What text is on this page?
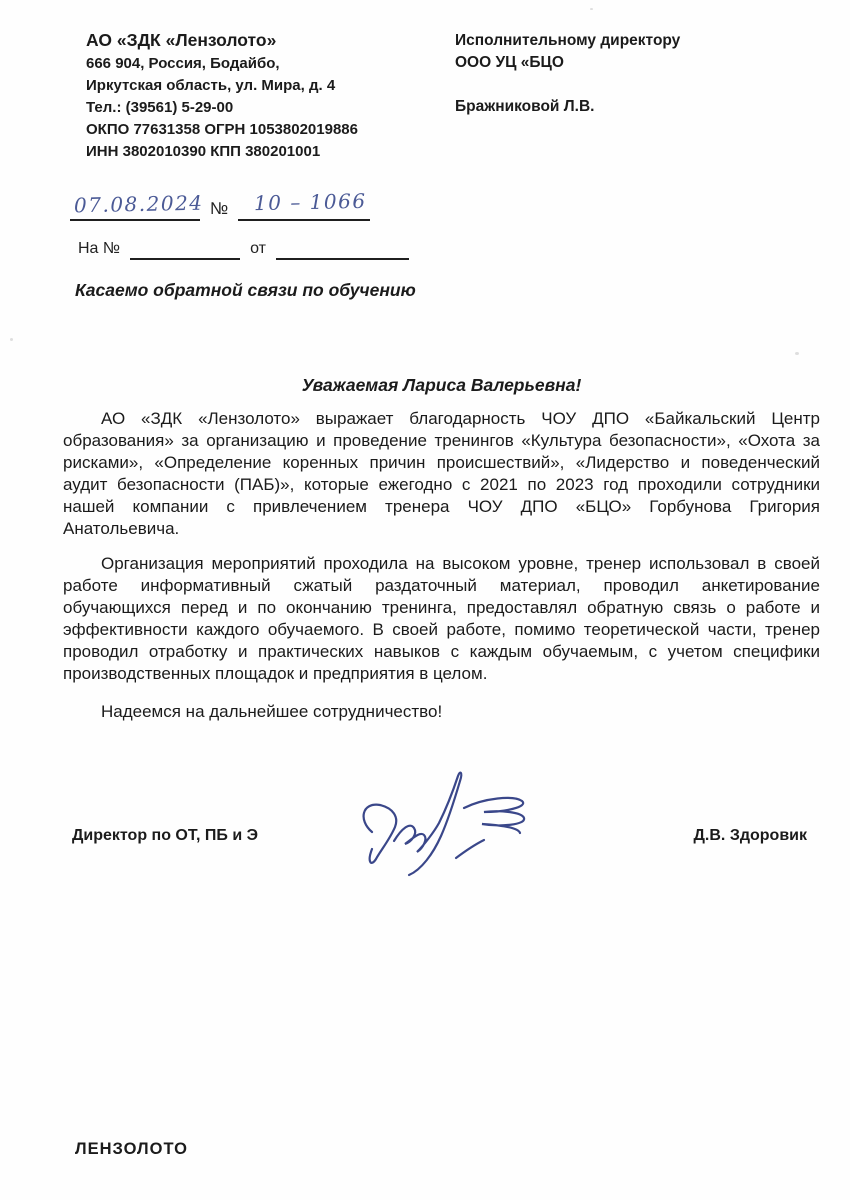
АО «ЗДК «Лензолото»
666 904, Россия, Бодайбо,
Иркутская область, ул. Мира, д. 4
Тел.: (39561) 5-29-00
ОКПО 77631358 ОГРН 1053802019886
ИНН 3802010390 КПП 380201001
Исполнительному директору
ООО УЦ «БЦО
Бражниковой Л.В.
07.08.2024 № 10 – 1066
На №	от
Касаемо обратной связи по обучению
Уважаемая Лариса Валерьевна!

АО «ЗДК «Лензолото» выражает благодарность ЧОУ ДПО «Байкальский Центр образования» за организацию и проведение тренингов «Культура безопасности», «Охота за рисками», «Определение коренных причин происшествий», «Лидерство и поведенческий аудит безопасности (ПАБ)», которые ежегодно с 2021 по 2023 год проходили сотрудники нашей компании с привлечением тренера ЧОУ ДПО «БЦО» Горбунова Григория Анатольевича.

Организация мероприятий проходила на высоком уровне, тренер использовал в своей работе информативный сжатый раздаточный материал, проводил анкетирование обучающихся перед и по окончанию тренинга, предоставлял обратную связь о работе и эффективности каждого обучаемого. В своей работе, помимо теоретической части, тренер проводил отработку и практических навыков с каждым обучаемым, с учетом специфики производственных площадок и предприятия в целом.

Надеемся на дальнейшее сотрудничество!

Директор по ОТ, ПБ и Э	Д.В. Здоровик
ЛЕНЗОЛОТО
